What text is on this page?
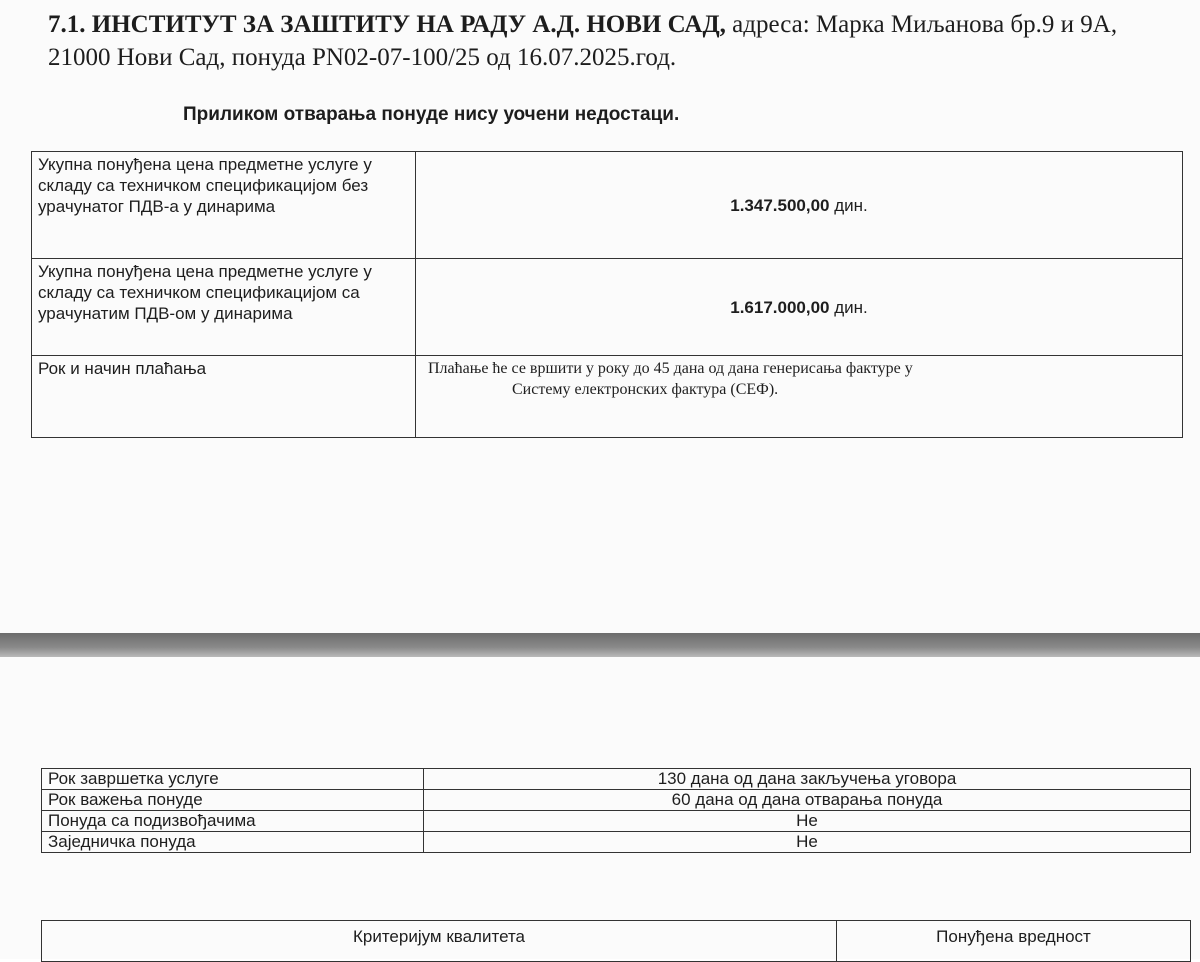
7.1. ИНСТИТУТ ЗА ЗАШТИТУ НА РАДУ А.Д. НОВИ САД, адреса: Марка Миљанова бр.9 и 9А, 21000 Нови Сад, понуда PN02-07-100/25 од 16.07.2025.год.
Приликом отварања понуде нису уочени недостаци.
Укупна понуђена цена предметне услуге у складу са техничком спецификацијом без урачунатог ПДВ-а у динарима	1.347.500,00 дин.
Укупна понуђена цена предметне услуге у складу са техничком спецификацијом са урачунатим ПДВ-ом у динарима	1.617.000,00 дин.
Рок и начин плаћања	Плаћање ће се вршити у року до 45 дана од дана генерисања фактуре у
Систему електронских фактура (СЕФ).
Рок завршетка услуге	130 дана од дана закључења уговора
Рок важења понуде	60 дана од дана отварања понуда
Понуда са подизвођачима	Не
Заједничка понуда	Не
Критеријум квалитета	Понуђена вредност
